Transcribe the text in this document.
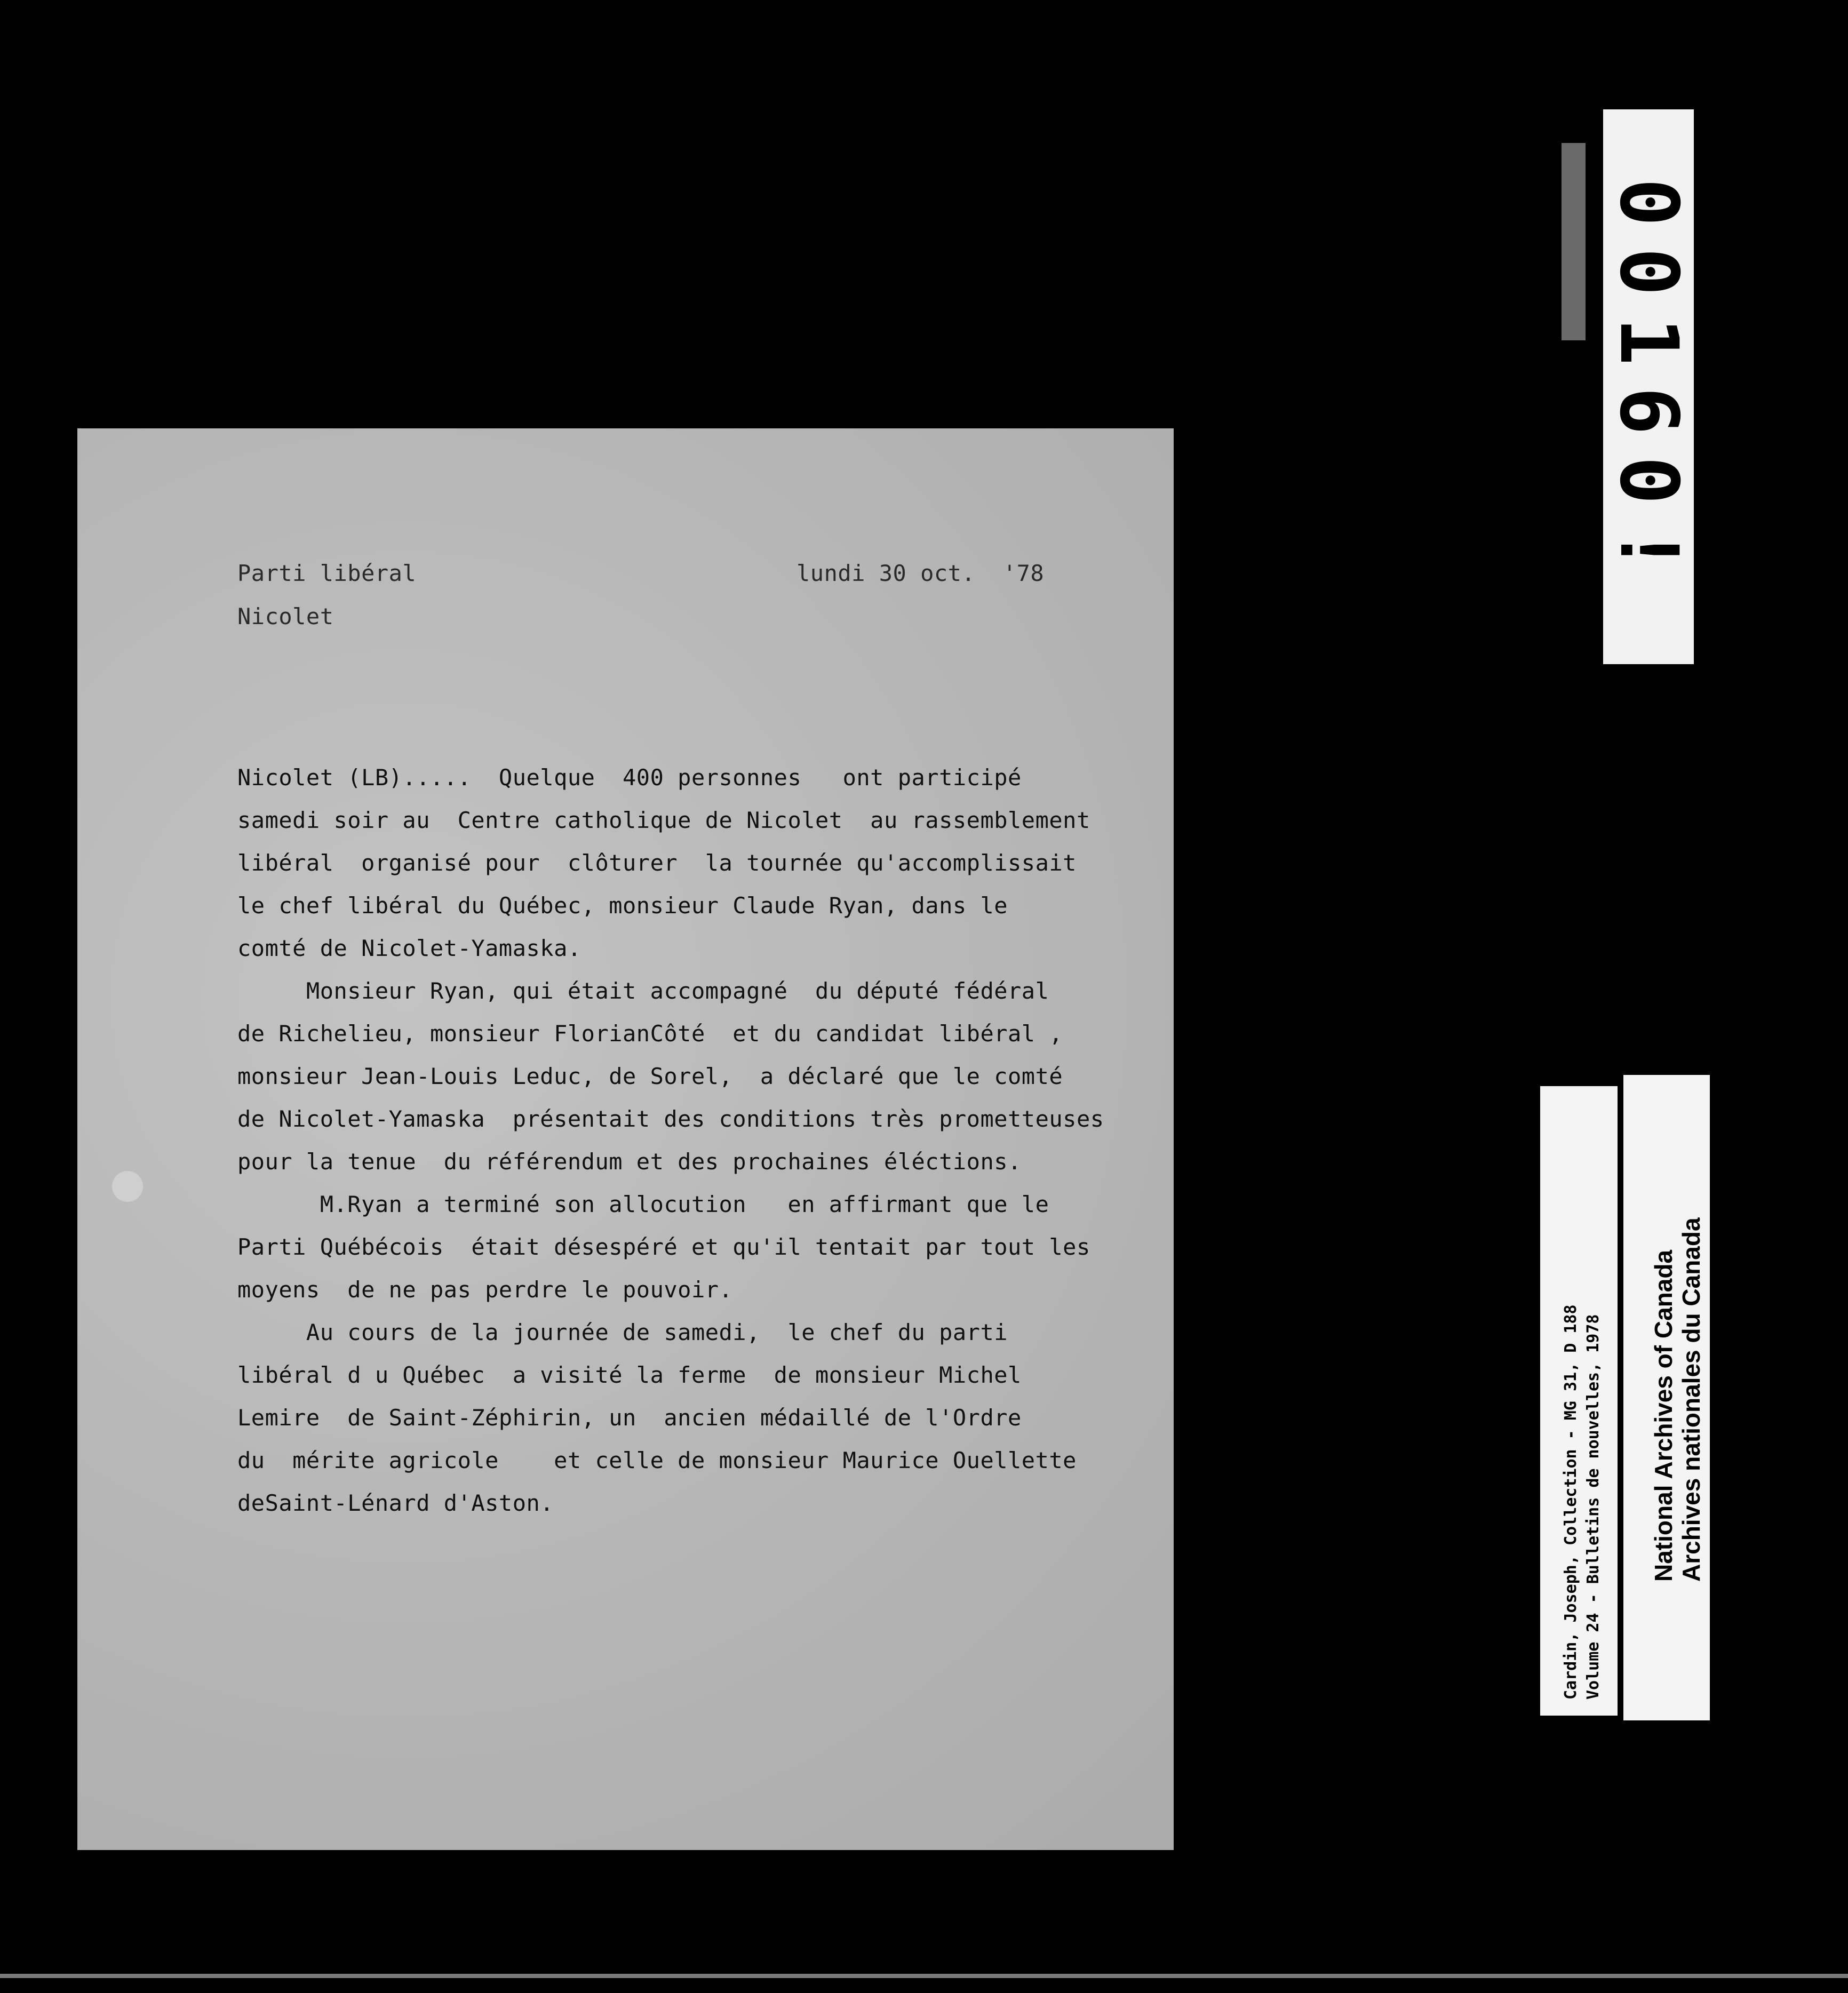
Parti libéral	lundi 30 oct.  '78
Nicolet
Nicolet (LB).....  Quelque  400 personnes   ont participé
samedi soir au  Centre catholique de Nicolet  au rassemblement
libéral  organisé pour  clôturer  la tournée qu'accomplissait
le chef libéral du Québec, monsieur Claude Ryan, dans le
comté de Nicolet-Yamaska.
Monsieur Ryan, qui était accompagné  du député fédéral
de Richelieu, monsieur FlorianCôté  et du candidat libéral ,
monsieur Jean-Louis Leduc, de Sorel,  a déclaré que le comté
de Nicolet-Yamaska  présentait des conditions très prometteuses
pour la tenue  du référendum et des prochaines éléctions.
M.Ryan a terminé son allocution   en affirmant que le
Parti Québécois  était désespéré et qu'il tentait par tout les
moyens  de ne pas perdre le pouvoir.
Au cours de la journée de samedi,  le chef du parti
libéral d u Québec  a visité la ferme  de monsieur Michel
Lemire  de Saint-Zéphirin, un  ancien médaillé de l'Ordre
du  mérite agricole    et celle de monsieur Maurice Ouellette
deSaint-Lénard d'Aston.
00160!
Cardin, Joseph, Collection - MG 31, D 188 Volume 24 - Bulletins de nouvelles, 1978 National Archives of Canada Archives nationales du Canada
